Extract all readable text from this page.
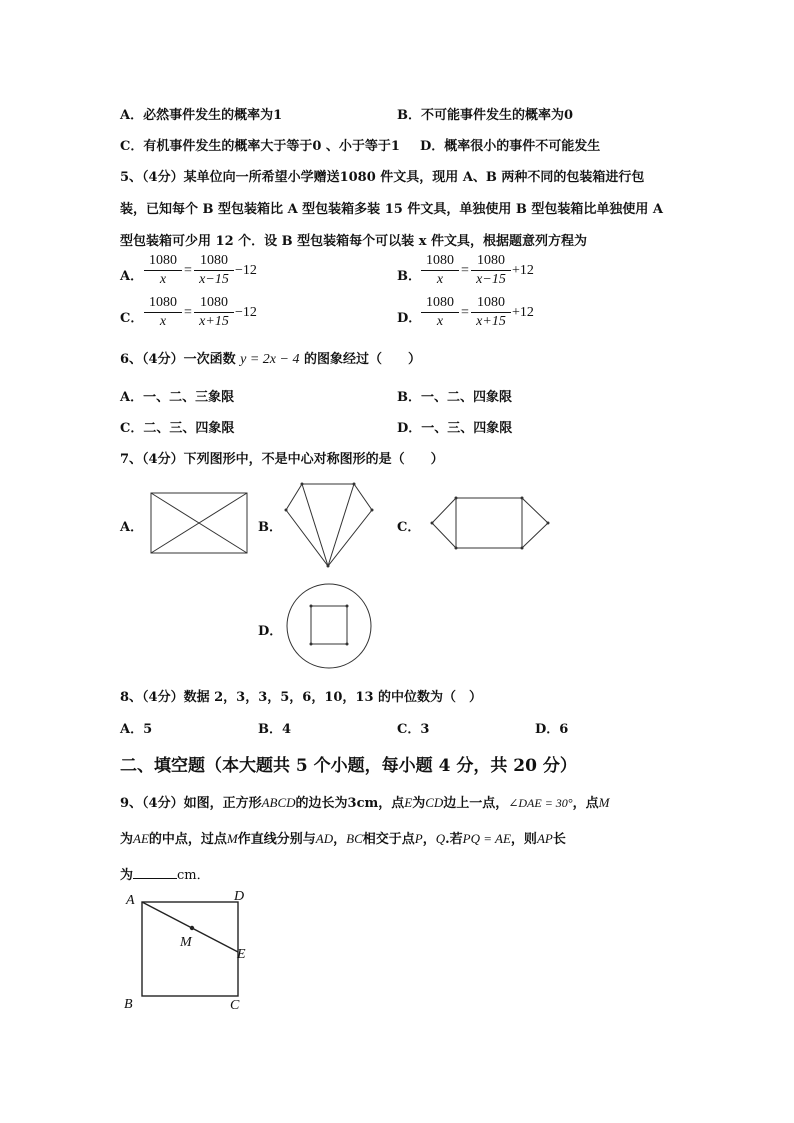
A．必然事件发生的概率为1	B．不可能事件发生的概率为0
C．有机事件发生的概率大于等于0 、小于等于1 D．概率很小的事件不可能发生
5、（4分）某单位向一所希望小学赠送1080 件文具，现用 A、B 两种不同的包装箱进行包
装，已知每个 B 型包装箱比 A 型包装箱多装 15 件文具，单独使用 B 型包装箱比单独使用 A
型包装箱可少用 12 个．设 B 型包装箱每个可以装 x 件文具，根据题意列方程为
A．
1080
x
=
1080
x−15
−12	B．
1080
x
=
1080
x−15
+12
C．
1080
x
=
1080
x+15
−12	D．
1080
x
=
1080
x+15
+12
6、（4分）一次函数 y = 2x − 4 的图象经过（　　）
A．一、二、三象限	B．一、二、四象限
C．二、三、四象限	D．一、三、四象限
7、（4分）下列图形中，不是中心对称图形的是（　　）
A．	B．	C．
D．
8、（4分）数据 2，3，3，5，6，10，13 的中位数为（　）
A．5	B．4	C．3	D．6
二、填空题（本大题共 5 个小题，每小题 4 分，共 20 分）
9、（4分）如图，正方形ABCD的边长为3cm，点E为CD边上一点，∠DAE = 30°，点M
为AE的中点，过点M作直线分别与AD，BC相交于点P，Q.若PQ = AE，则AP长
为	cm．
A	D
E
M
B	C
